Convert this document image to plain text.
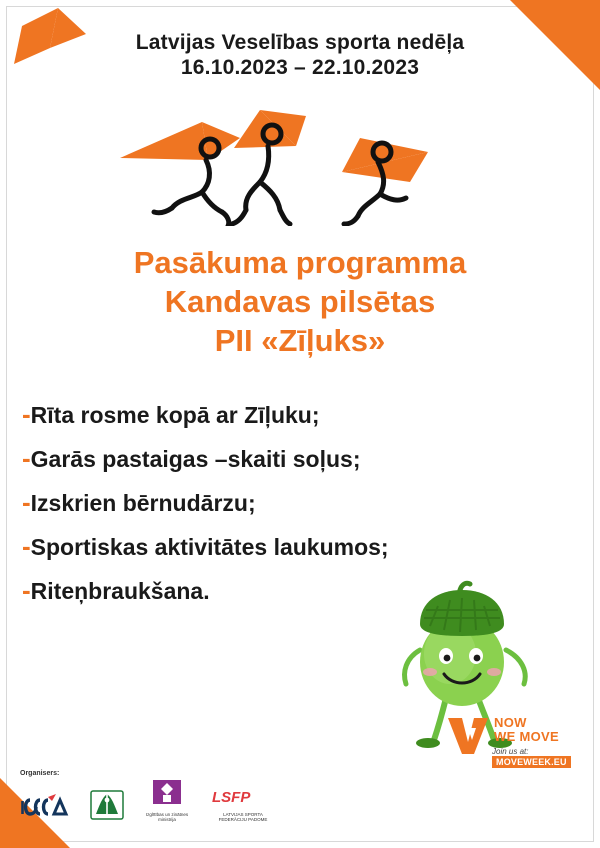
Latvijas Veselības sporta nedēļa
16.10.2023 – 22.10.2023
Pasākuma programma
Kandavas pilsētas
PII «Zīļuks»
-Rīta rosme kopā ar Zīļuku;
-Garās pastaigas –skaiti soļus;
-Izskrien bērnudārzu;
-Sportiskas aktivitātes laukumos;
-Riteņbraukšana.
NOW
WE MOVE
Join us at:
MOVEWEEK.EU
Organisers:
I	Izglītības un zinātnes ministrija
LSFP
LATVIJAS SPORTA FEDERĀCIJU PADOME
